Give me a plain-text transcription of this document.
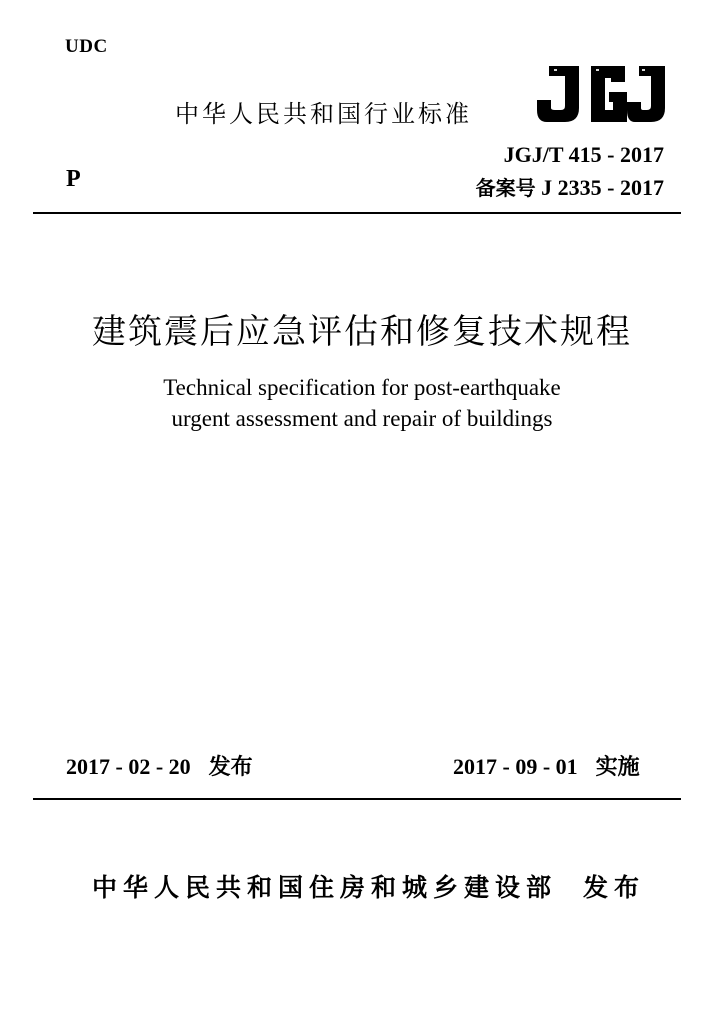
UDC
中华人民共和国行业标准
P
JGJ/T 415 - 2017
备案号 J 2335 - 2017
建筑震后应急评估和修复技术规程
Technical specification for post-earthquake
urgent assessment and repair of buildings
2017 - 02 - 20 发布	2017 - 09 - 01 实施
中华人民共和国住房和城乡建设部 发布
